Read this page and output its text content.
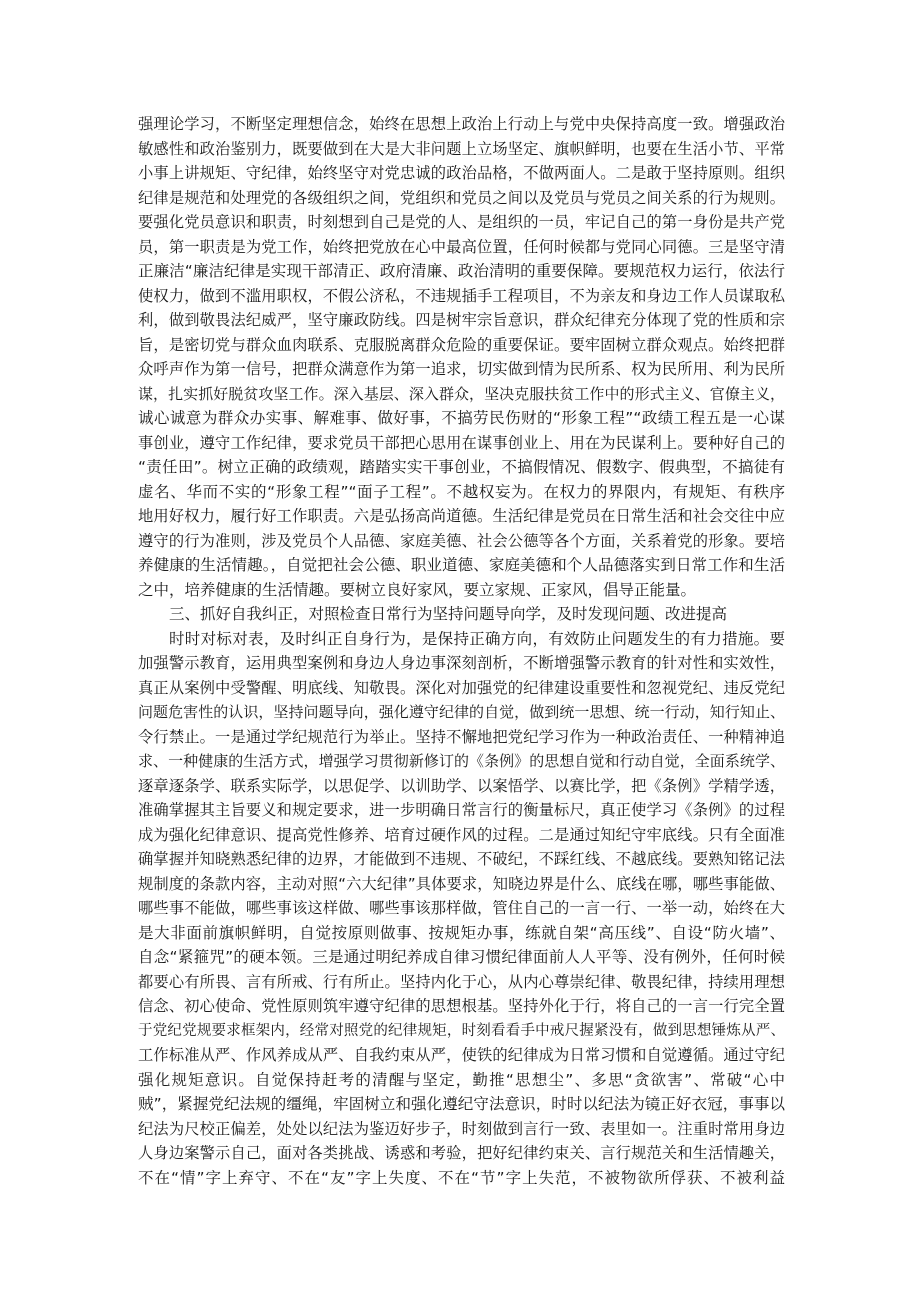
强理论学习，不断坚定理想信念，始终在思想上政治上行动上与党中央保持高度一致。增强政治
敏感性和政治鉴别力，既要做到在大是大非问题上立场坚定、旗帜鲜明，也要在生活小节、平常
小事上讲规矩、守纪律，始终坚守对党忠诚的政治品格，不做两面人。二是敢于坚持原则。组织
纪律是规范和处理党的各级组织之间，党组织和党员之间以及党员与党员之间关系的行为规则。
要强化党员意识和职责，时刻想到自己是党的人、是组织的一员，牢记自己的第一身份是共产党
员，第一职责是为党工作，始终把党放在心中最高位置，任何时候都与党同心同德。三是坚守清
正廉洁“廉洁纪律是实现干部清正、政府清廉、政治清明的重要保障。要规范权力运行，依法行
使权力，做到不滥用职权，不假公济私，不违规插手工程项目，不为亲友和身边工作人员谋取私
利，做到敬畏法纪威严，坚守廉政防线。四是树牢宗旨意识，群众纪律充分体现了党的性质和宗
旨，是密切党与群众血肉联系、克服脱离群众危险的重要保证。要牢固树立群众观点。始终把群
众呼声作为第一信号，把群众满意作为第一追求，切实做到情为民所系、权为民所用、利为民所
谋，扎实抓好脱贫攻坚工作。深入基层、深入群众，坚决克服扶贫工作中的形式主义、官僚主义，
诚心诚意为群众办实事、解难事、做好事，不搞劳民伤财的“形象工程”“政绩工程五是一心谋
事创业，遵守工作纪律，要求党员干部把心思用在谋事创业上、用在为民谋利上。要种好自己的
“责任田”。树立正确的政绩观，踏踏实实干事创业，不搞假情况、假数字、假典型，不搞徒有
虚名、华而不实的“形象工程”“面子工程”。不越权妄为。在权力的界限内，有规矩、有秩序
地用好权力，履行好工作职责。六是弘扬高尚道德。生活纪律是党员在日常生活和社会交往中应
遵守的行为准则，涉及党员个人品德、家庭美德、社会公德等各个方面，关系着党的形象。要培
养健康的生活情趣。，自觉把社会公德、职业道德、家庭美德和个人品德落实到日常工作和生活
之中，培养健康的生活情趣。要树立良好家风，要立家规、正家风，倡导正能量。
三、抓好自我纠正，对照检查日常行为坚持问题导向学，及时发现问题、改进提高
时时对标对表，及时纠正自身行为，是保持正确方向，有效防止问题发生的有力措施。要
加强警示教育，运用典型案例和身边人身边事深刻剖析，不断增强警示教育的针对性和实效性，
真正从案例中受警醒、明底线、知敬畏。深化对加强党的纪律建设重要性和忽视党纪、违反党纪
问题危害性的认识，坚持问题导向，强化遵守纪律的自觉，做到统一思想、统一行动，知行知止、
令行禁止。一是通过学纪规范行为举止。坚持不懈地把党纪学习作为一种政治责任、一种精神追
求、一种健康的生活方式，增强学习贯彻新修订的《条例》的思想自觉和行动自觉，全面系统学、
逐章逐条学、联系实际学，以思促学、以训助学、以案悟学、以赛比学，把《条例》学精学透，
准确掌握其主旨要义和规定要求，进一步明确日常言行的衡量标尺，真正使学习《条例》的过程
成为强化纪律意识、提高党性修养、培育过硬作风的过程。二是通过知纪守牢底线。只有全面准
确掌握并知晓熟悉纪律的边界，才能做到不违规、不破纪，不踩红线、不越底线。要熟知铭记法
规制度的条款内容，主动对照“六大纪律”具体要求，知晓边界是什么、底线在哪，哪些事能做、
哪些事不能做，哪些事该这样做、哪些事该那样做，管住自己的一言一行、一举一动，始终在大
是大非面前旗帜鲜明，自觉按原则做事、按规矩办事，练就自架“高压线”、自设“防火墙”、
自念“紧箍咒”的硬本领。三是通过明纪养成自律习惯纪律面前人人平等、没有例外，任何时候
都要心有所畏、言有所戒、行有所止。坚持内化于心，从内心尊崇纪律、敬畏纪律，持续用理想
信念、初心使命、党性原则筑牢遵守纪律的思想根基。坚持外化于行，将自己的一言一行完全置
于党纪党规要求框架内，经常对照党的纪律规矩，时刻看看手中戒尺握紧没有，做到思想锤炼从严、
工作标准从严、作风养成从严、自我约束从严，使铁的纪律成为日常习惯和自觉遵循。通过守纪
强化规矩意识。自觉保持赶考的清醒与坚定，勤推“思想尘”、多思“贪欲害”、常破“心中
贼”，紧握党纪法规的缰绳，牢固树立和强化遵纪守法意识，时时以纪法为镜正好衣冠，事事以
纪法为尺校正偏差，处处以纪法为鉴迈好步子，时刻做到言行一致、表里如一。注重时常用身边
人身边案警示自己，面对各类挑战、诱惑和考验，把好纪律约束关、言行规范关和生活情趣关，
不在“情”字上弃守、不在“友”字上失度、不在“节”字上失范，不被物欲所俘获、不被利益
